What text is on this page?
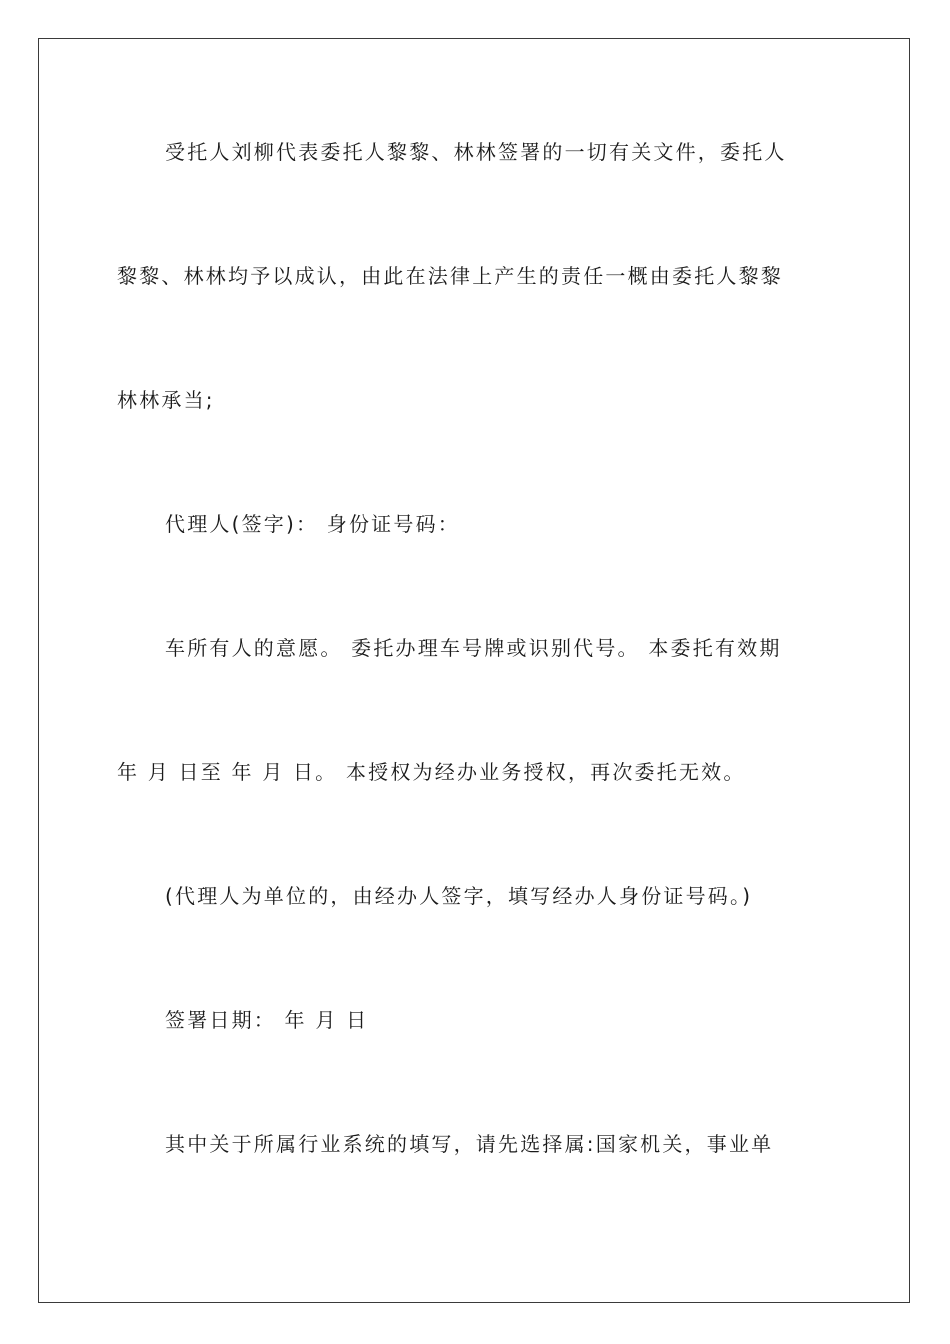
受托人刘柳代表委托人黎黎、林林签署的一切有关文件，委托人

黎黎、林林均予以成认，由此在法律上产生的责任一概由委托人黎黎

林林承当;

代理人(签字)： 身份证号码：

车所有人的意愿。 委托办理车号牌或识别代号。 本委托有效期

年 月 日至 年 月 日。 本授权为经办业务授权，再次委托无效。

(代理人为单位的，由经办人签字，填写经办人身份证号码。)

签署日期： 年 月 日

其中关于所属行业系统的填写，请先选择属:国家机关，事业单
